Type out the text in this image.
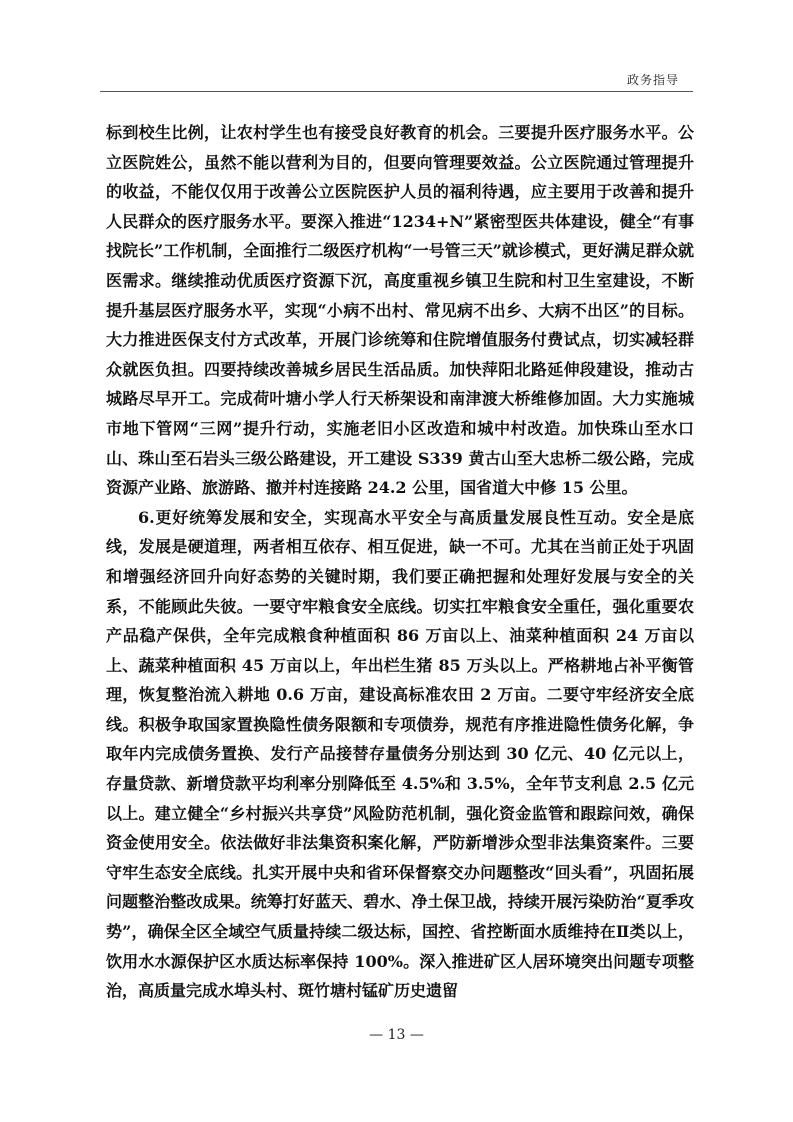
政务指导

标到校生比例，让农村学生也有接受良好教育的机会。三要提升医疗服务水平。公立医院姓公，虽然不能以营利为目的，但要向管理要效益。公立医院通过管理提升的收益，不能仅仅用于改善公立医院医护人员的福利待遇，应主要用于改善和提升人民群众的医疗服务水平。要深入推进“1234+N”紧密型医共体建设，健全“有事找院长”工作机制，全面推行二级医疗机构“一号管三天”就诊模式，更好满足群众就医需求。继续推动优质医疗资源下沉，高度重视乡镇卫生院和村卫生室建设，不断提升基层医疗服务水平，实现“小病不出村、常见病不出乡、大病不出区”的目标。大力推进医保支付方式改革，开展门诊统筹和住院增值服务付费试点，切实减轻群众就医负担。四要持续改善城乡居民生活品质。加快萍阳北路延伸段建设，推动古城路尽早开工。完成荷叶塘小学人行天桥架设和南津渡大桥维修加固。大力实施城市地下管网“三网”提升行动，实施老旧小区改造和城中村改造。加快珠山至水口山、珠山至石岩头三级公路建设，开工建设 S339 黄古山至大忠桥二级公路，完成资源产业路、旅游路、撤并村连接路 24.2 公里，国省道大中修 15 公里。

6.更好统筹发展和安全，实现高水平安全与高质量发展良性互动。安全是底线，发展是硬道理，两者相互依存、相互促进，缺一不可。尤其在当前正处于巩固和增强经济回升向好态势的关键时期，我们要正确把握和处理好发展与安全的关系，不能顾此失彼。一要守牢粮食安全底线。切实扛牢粮食安全重任，强化重要农产品稳产保供，全年完成粮食种植面积 86 万亩以上、油菜种植面积 24 万亩以上、蔬菜种植面积 45 万亩以上，年出栏生猪 85 万头以上。严格耕地占补平衡管理，恢复整治流入耕地 0.6 万亩，建设高标准农田 2 万亩。二要守牢经济安全底线。积极争取国家置换隐性债务限额和专项债券，规范有序推进隐性债务化解，争取年内完成债务置换、发行产品接替存量债务分别达到 30 亿元、40 亿元以上，存量贷款、新增贷款平均利率分别降低至 4.5%和 3.5%，全年节支利息 2.5 亿元以上。建立健全“乡村振兴共享贷”风险防范机制，强化资金监管和跟踪问效，确保资金使用安全。依法做好非法集资积案化解，严防新增涉众型非法集资案件。三要守牢生态安全底线。扎实开展中央和省环保督察交办问题整改“回头看”，巩固拓展问题整治整改成果。统筹打好蓝天、碧水、净土保卫战，持续开展污染防治“夏季攻势”，确保全区全域空气质量持续二级达标，国控、省控断面水质维持在Ⅱ类以上，饮用水水源保护区水质达标率保持 100%。深入推进矿区人居环境突出问题专项整治，高质量完成水埠头村、斑竹塘村锰矿历史遗留

— 13 —
